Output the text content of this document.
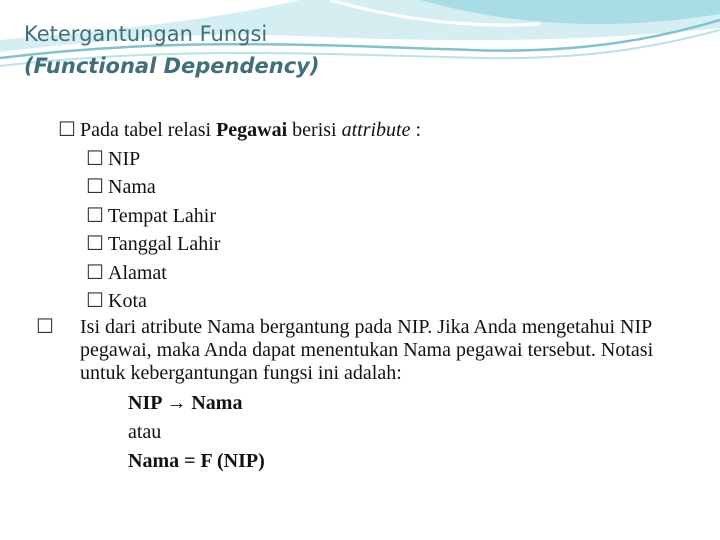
Ketergantungan Fungsi
(Functional Dependency)
☐ Pada tabel relasi Pegawai berisi attribute :
☐ NIP
☐ Nama
☐ Tempat Lahir
☐ Tanggal Lahir
☐ Alamat
☐ Kota
☐ Isi dari atribute Nama bergantung pada NIP. Jika Anda mengetahui NIP pegawai, maka Anda dapat menentukan Nama pegawai tersebut. Notasi untuk kebergantungan fungsi ini adalah:
NIP → Nama
atau
Nama = F (NIP)
